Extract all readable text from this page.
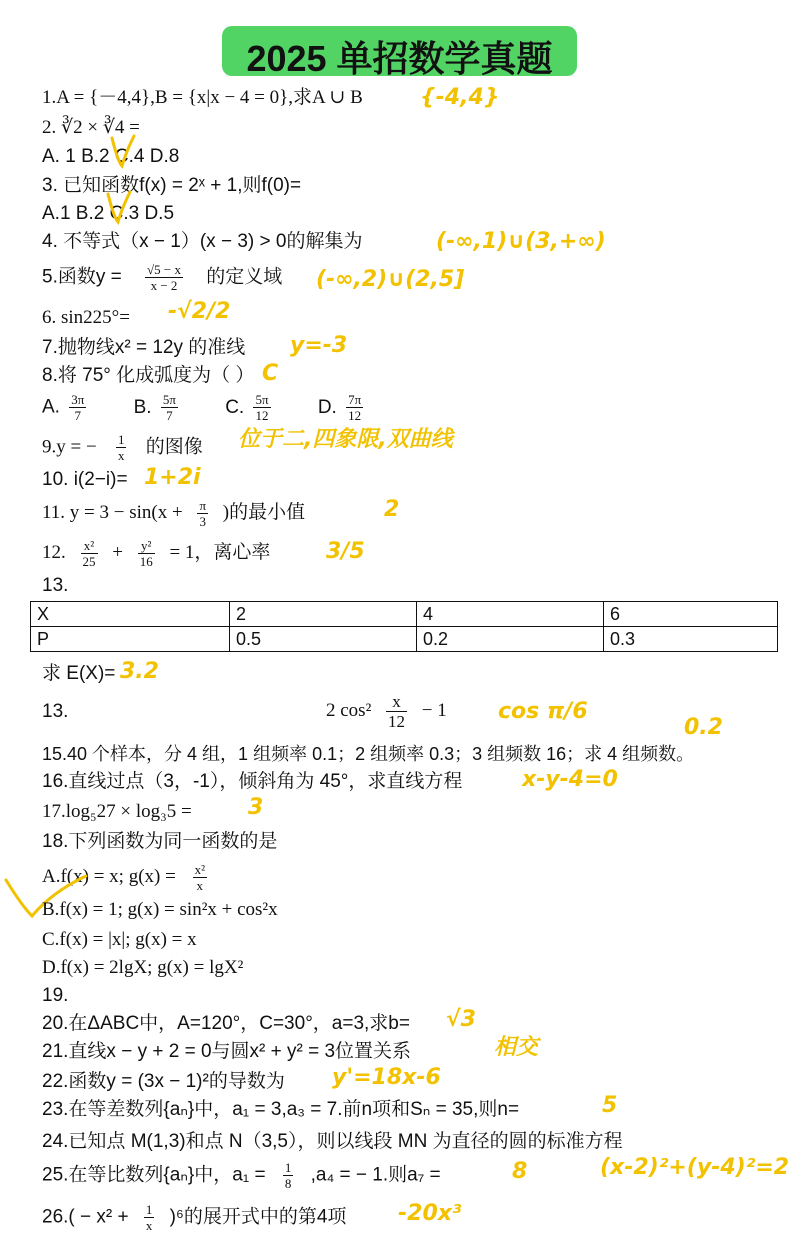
2025 单招数学真题
1.A = {－4,4},B = {x|x − 4 = 0},求A ∪ B	{-4,4}
2. ∛2 × ∛4 =
A. 1 B.2 C.4 D.8
3. 已知函数f(x) = 2ˣ + 1,则f(0)=
A.1 B.2 C.3 D.5
4. 不等式（x − 1）(x − 3) > 0的解集为	(-∞,1)∪(3,+∞)
5.函数$y = \frac{√5 - x}{x - 2}$ 的定义域 (-∞,2)∪(2,5]
6. sin225°= -√2/2
7.抛物线x² = 12y 的准线 y=-3
8.将 75° 化成弧度为（ ） C
A. $\frac{3\pi}{7} B$. $\frac{5\pi}{7} C$. $\frac{5\pi}{12} D$. $\frac{7\pi}{12}$
9.y = − $\frac{1}{x}$ 的图像 位于二,四象限,双曲线
10. i(2−i)= 1+2i
11. $y = 3 - \sin(x + \frac{\pi}{3}$ )的最小值	2
12. $\frac{\text{x²}}{25} + \frac{\text{y²}}{16} = 1$，离心率	3/5
13.
X	2	4	6
P	0.5	0.2	0.3
求 E(X)= 3.2
13.	2 $\cos^2 \frac{x}{12} - 1$ cos π/6
0.2
15.40 个样本，分 4 组，1 组频率 0.1；2 组频率 0.3；3 组频数 16；求 4 组频数。
16.直线过点（3，-1），倾斜角为 45°，求直线方程	x-y-4=0
17.log₅27 × log₃5 =	3
18.下列函数为同一函数的是
A.f(x) = x; $g(x) = \frac{\text{x²}}{x}$
B.f(x) = 1; g(x) = sin²x + cos²x
C.f(x) = |x|; g(x) = x
D.f(x) = 2lgX; g(x) = lgX²
19.
20.在ΔABC中，A=120°，C=30°，a=3,求b= √3
21.直线x − y + 2 = 0与圆x² + y² = 3位置关系	相交
22.函数y = (3x − 1)²的导数为 y'=18x-6
23.在等差数列{aₙ}中，a₁ = 3,a₃ = 7.前n项和Sₙ = 35,则n=	5
24.已知点 M(1,3)和点 N（3,5），则以线段 MN 为直径的圆的标准方程
(x-2)²+(y-4)²=2
25.在等比数列{aₙ}中，$a_1 = \frac{1}{8} ,a_4$ = − 1.则a₇ =	8
$26.( - x^2 + \frac{1}{x} )^6$的展开式中的第4项 -20x³
